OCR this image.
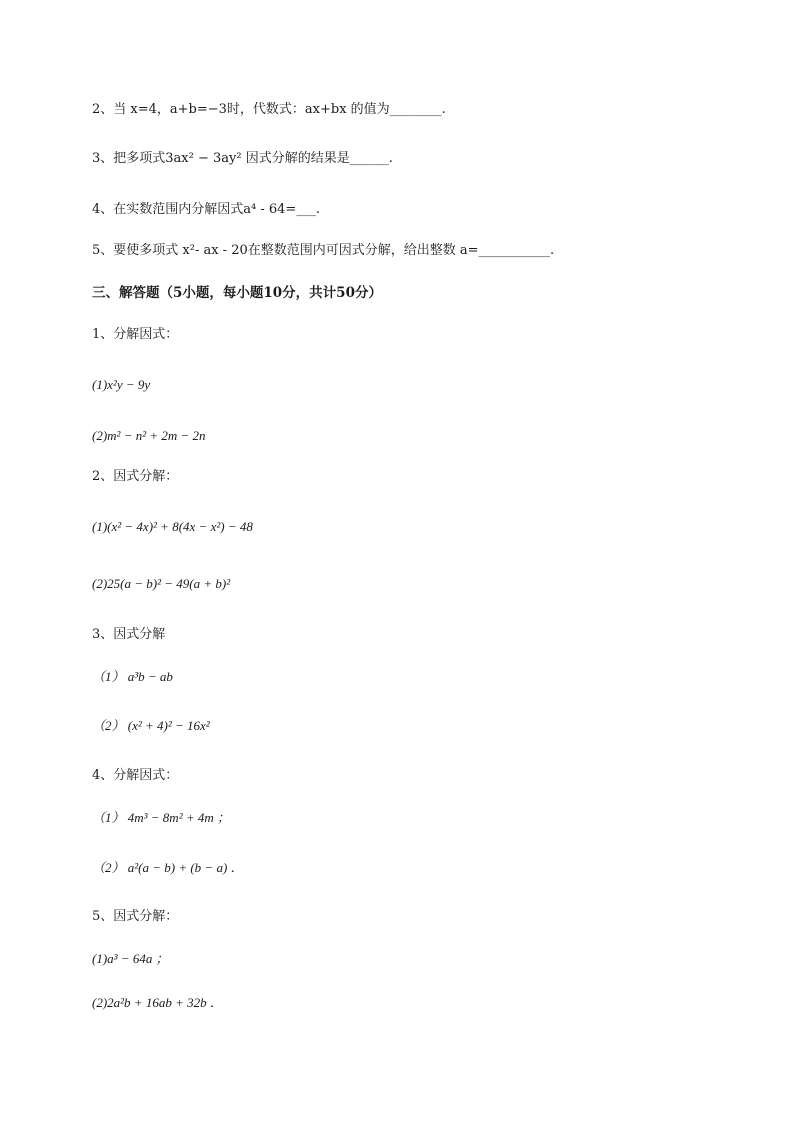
2、当 x=4，a+b=−3时，代数式：ax+bx 的值为________.
3、把多项式3ax² − 3ay² 因式分解的结果是______.
4、在实数范围内分解因式a⁴ - 64=___.
5、要使多项式 x²- ax - 20在整数范围内可因式分解，给出整数 a=___________.
三、解答题（5小题，每小题10分，共计50分）
1、分解因式：
(1)x²y − 9y
(2)m² − n² + 2m − 2n
2、因式分解：
(1)(x² − 4x)² + 8(4x − x²) − 48
(2)25(a − b)² − 49(a + b)²
3、因式分解
（1） a³b − ab
（2） (x² + 4)² − 16x²
4、分解因式：
（1） 4m³ − 8m² + 4m ；
（2） a²(a − b) + (b − a) ．
5、因式分解：
(1)a³ − 64a ；
(2)2a²b + 16ab + 32b ．
